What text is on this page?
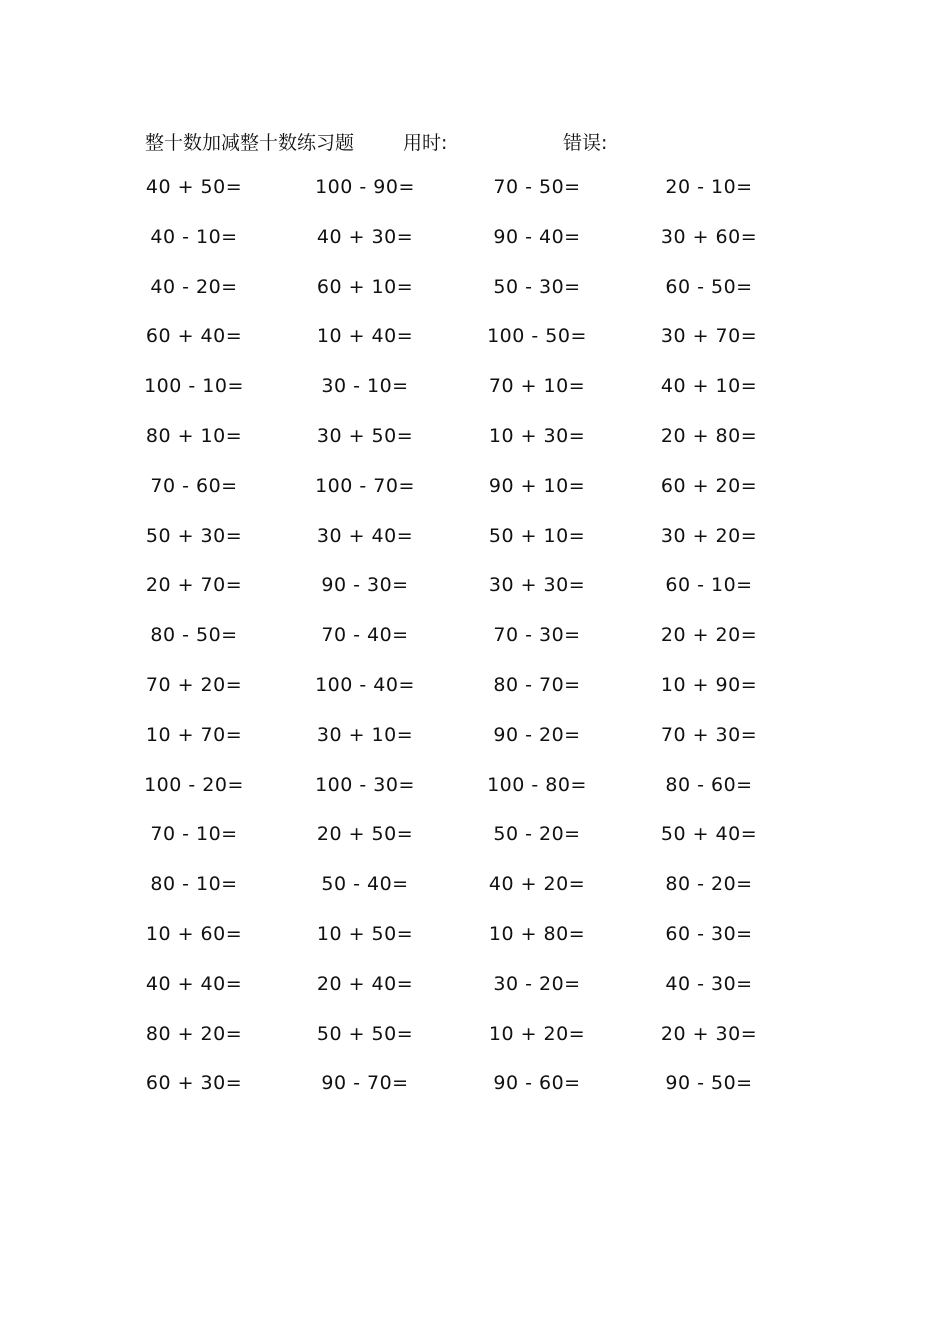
整十数加减整十数练习题	用时:	错误:
40 + 50=	100 - 90=	70 - 50=	20 - 10=
40 - 10=	40 + 30=	90 - 40=	30 + 60=
40 - 20=	60 + 10=	50 - 30=	60 - 50=
60 + 40=	10 + 40=	100 - 50=	30 + 70=
100 - 10=	30 - 10=	70 + 10=	40 + 10=
80 + 10=	30 + 50=	10 + 30=	20 + 80=
70 - 60=	100 - 70=	90 + 10=	60 + 20=
50 + 30=	30 + 40=	50 + 10=	30 + 20=
20 + 70=	90 - 30=	30 + 30=	60 - 10=
80 - 50=	70 - 40=	70 - 30=	20 + 20=
70 + 20=	100 - 40=	80 - 70=	10 + 90=
10 + 70=	30 + 10=	90 - 20=	70 + 30=
100 - 20=	100 - 30=	100 - 80=	80 - 60=
70 - 10=	20 + 50=	50 - 20=	50 + 40=
80 - 10=	50 - 40=	40 + 20=	80 - 20=
10 + 60=	10 + 50=	10 + 80=	60 - 30=
40 + 40=	20 + 40=	30 - 20=	40 - 30=
80 + 20=	50 + 50=	10 + 20=	20 + 30=
60 + 30=	90 - 70=	90 - 60=	90 - 50=
